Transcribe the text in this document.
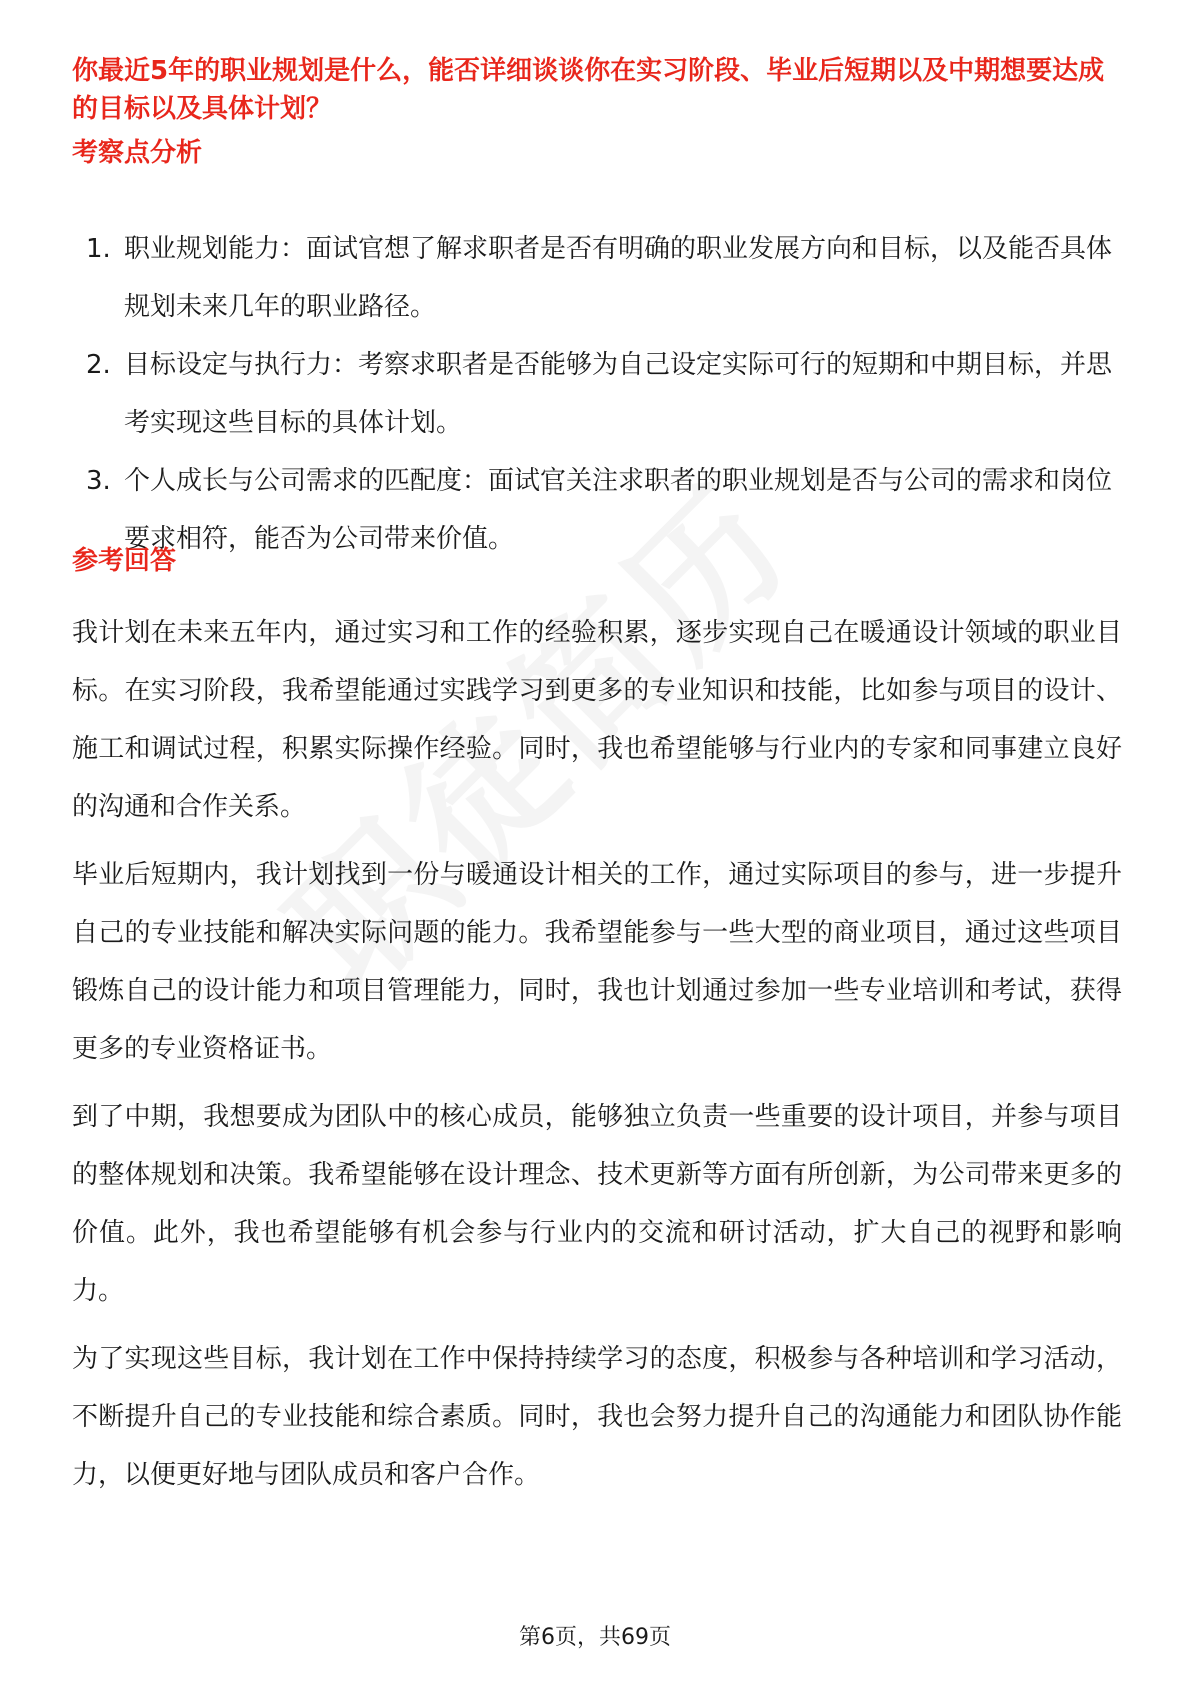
你最近5年的职业规划是什么，能否详细谈谈你在实习阶段、毕业后短期以及中期想要达成的目标以及具体计划？
考察点分析
1. 职业规划能力：面试官想了解求职者是否有明确的职业发展方向和目标，以及能否具体规划未来几年的职业路径。
2. 目标设定与执行力：考察求职者是否能够为自己设定实际可行的短期和中期目标，并思考实现这些目标的具体计划。
3. 个人成长与公司需求的匹配度：面试官关注求职者的职业规划是否与公司的需求和岗位要求相符，能否为公司带来价值。
参考回答

我计划在未来五年内，通过实习和工作的经验积累，逐步实现自己在暖通设计领域的职业目标。在实习阶段，我希望能通过实践学习到更多的专业知识和技能，比如参与项目的设计、施工和调试过程，积累实际操作经验。同时，我也希望能够与行业内的专家和同事建立良好的沟通和合作关系。

毕业后短期内，我计划找到一份与暖通设计相关的工作，通过实际项目的参与，进一步提升自己的专业技能和解决实际问题的能力。我希望能参与一些大型的商业项目，通过这些项目锻炼自己的设计能力和项目管理能力，同时，我也计划通过参加一些专业培训和考试，获得更多的专业资格证书。

到了中期，我想要成为团队中的核心成员，能够独立负责一些重要的设计项目，并参与项目的整体规划和决策。我希望能够在设计理念、技术更新等方面有所创新，为公司带来更多的价值。此外，我也希望能够有机会参与行业内的交流和研讨活动，扩大自己的视野和影响力。

为了实现这些目标，我计划在工作中保持持续学习的态度，积极参与各种培训和学习活动，不断提升自己的专业技能和综合素质。同时，我也会努力提升自己的沟通能力和团队协作能力，以便更好地与团队成员和客户合作。

第6页，共69页
